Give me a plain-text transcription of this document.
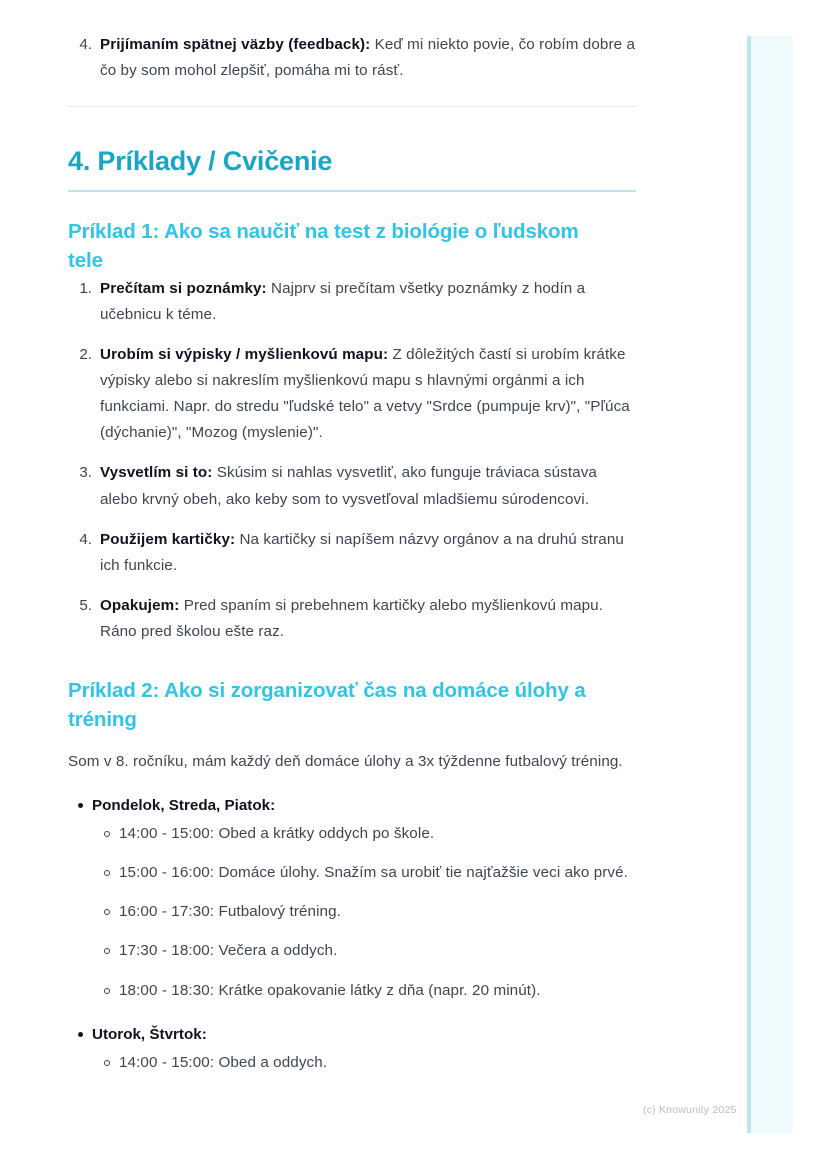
4. Prijímaním spätnej väzby (feedback): Keď mi niekto povie, čo robím dobre a čo by som mohol zlepšiť, pomáha mi to rásť.
4. Príklady / Cvičenie
Príklad 1: Ako sa naučiť na test z biológie o ľudskom tele
1. Prečítam si poznámky: Najprv si prečítam všetky poznámky z hodín a učebnicu k téme.
2. Urobím si výpisky / myšlienkovú mapu: Z dôležitých častí si urobím krátke výpisky alebo si nakreslím myšlienkovú mapu s hlavnými orgánmi a ich funkciami. Napr. do stredu "ľudské telo" a vetvy "Srdce (pumpuje krv)", "Pľúca (dýchanie)", "Mozog (myslenie)".
3. Vysvetlím si to: Skúsim si nahlas vysvetliť, ako funguje tráviaca sústava alebo krvný obeh, ako keby som to vysvetľoval mladšiemu súrodencovi.
4. Použijem kartičky: Na kartičky si napíšem názvy orgánov a na druhú stranu ich funkcie.
5. Opakujem: Pred spaním si prebehnem kartičky alebo myšlienkovú mapu. Ráno pred školou ešte raz.
Príklad 2: Ako si zorganizovať čas na domáce úlohy a tréning

Som v 8. ročníku, mám každý deň domáce úlohy a 3x týždenne futbalový tréning.

Pondelok, Streda, Piatok:
14:00 - 15:00: Obed a krátky oddych po škole.
15:00 - 16:00: Domáce úlohy. Snažím sa urobiť tie najťažšie veci ako prvé.
16:00 - 17:30: Futbalový tréning.
17:30 - 18:00: Večera a oddych.
18:00 - 18:30: Krátke opakovanie látky z dňa (napr. 20 minút).
Utorok, Štvrtok:
14:00 - 15:00: Obed a oddych.
(c) Knowunity 2025
